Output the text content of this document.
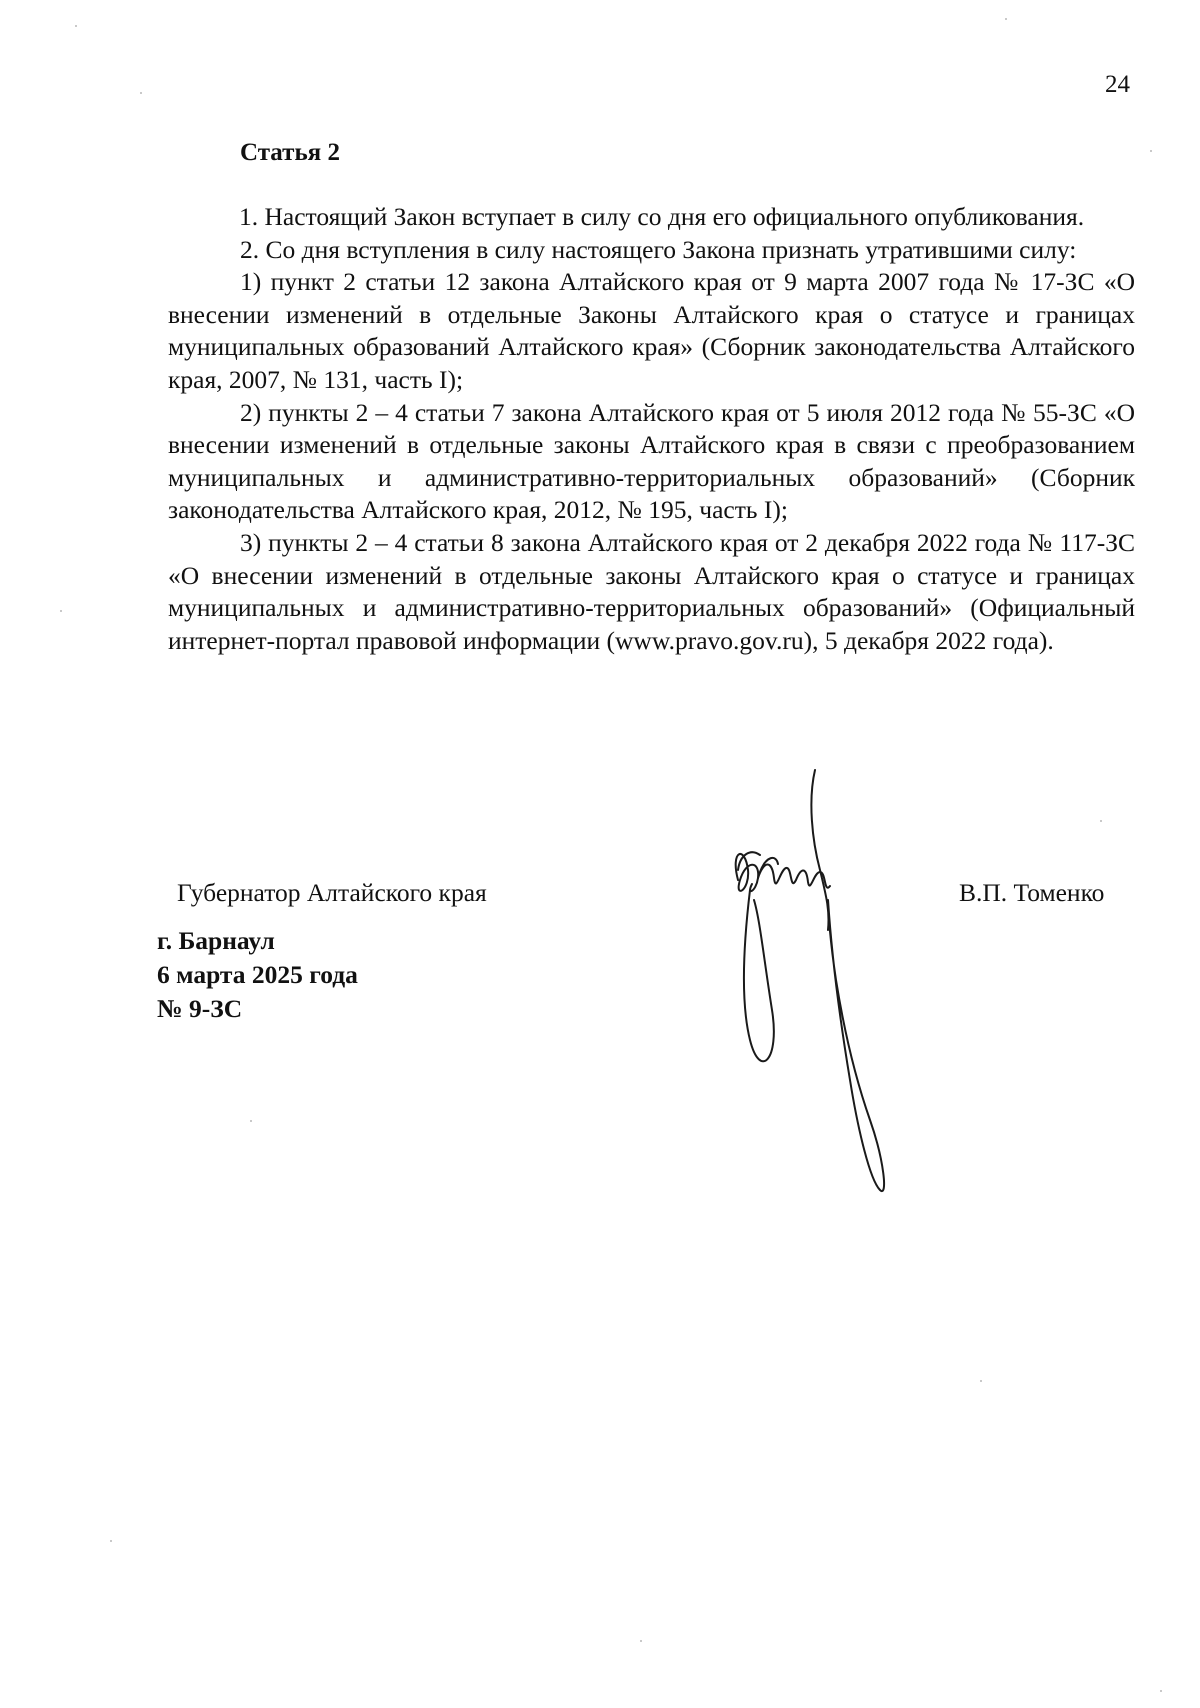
24
Статья 2

1. Настоящий Закон вступает в силу со дня его официального опубликования.

2. Со дня вступления в силу настоящего Закона признать утратившими силу:

1) пункт 2 статьи 12 закона Алтайского края от 9 марта 2007 года № 17-ЗС «О внесении изменений в отдельные Законы Алтайского края о статусе и границах муниципальных образований Алтайского края» (Сборник законодательства Алтайского края, 2007, № 131, часть I);

2) пункты 2 – 4 статьи 7 закона Алтайского края от 5 июля 2012 года № 55-ЗС «О внесении изменений в отдельные законы Алтайского края в связи с преобразованием муниципальных и административно-территориальных образований» (Сборник законодательства Алтайского края, 2012, № 195, часть I);

3) пункты 2 – 4 статьи 8 закона Алтайского края от 2 декабря 2022 года № 117-ЗС «О внесении изменений в отдельные законы Алтайского края о статусе и границах муниципальных и административно-территориальных образований» (Официальный интернет-портал правовой информации (www.pravo.gov.ru), 5 декабря 2022 года).

Губернатор Алтайского края	В.П. Томенко
г. Барнаул
6 марта 2025 года
№ 9-ЗС
